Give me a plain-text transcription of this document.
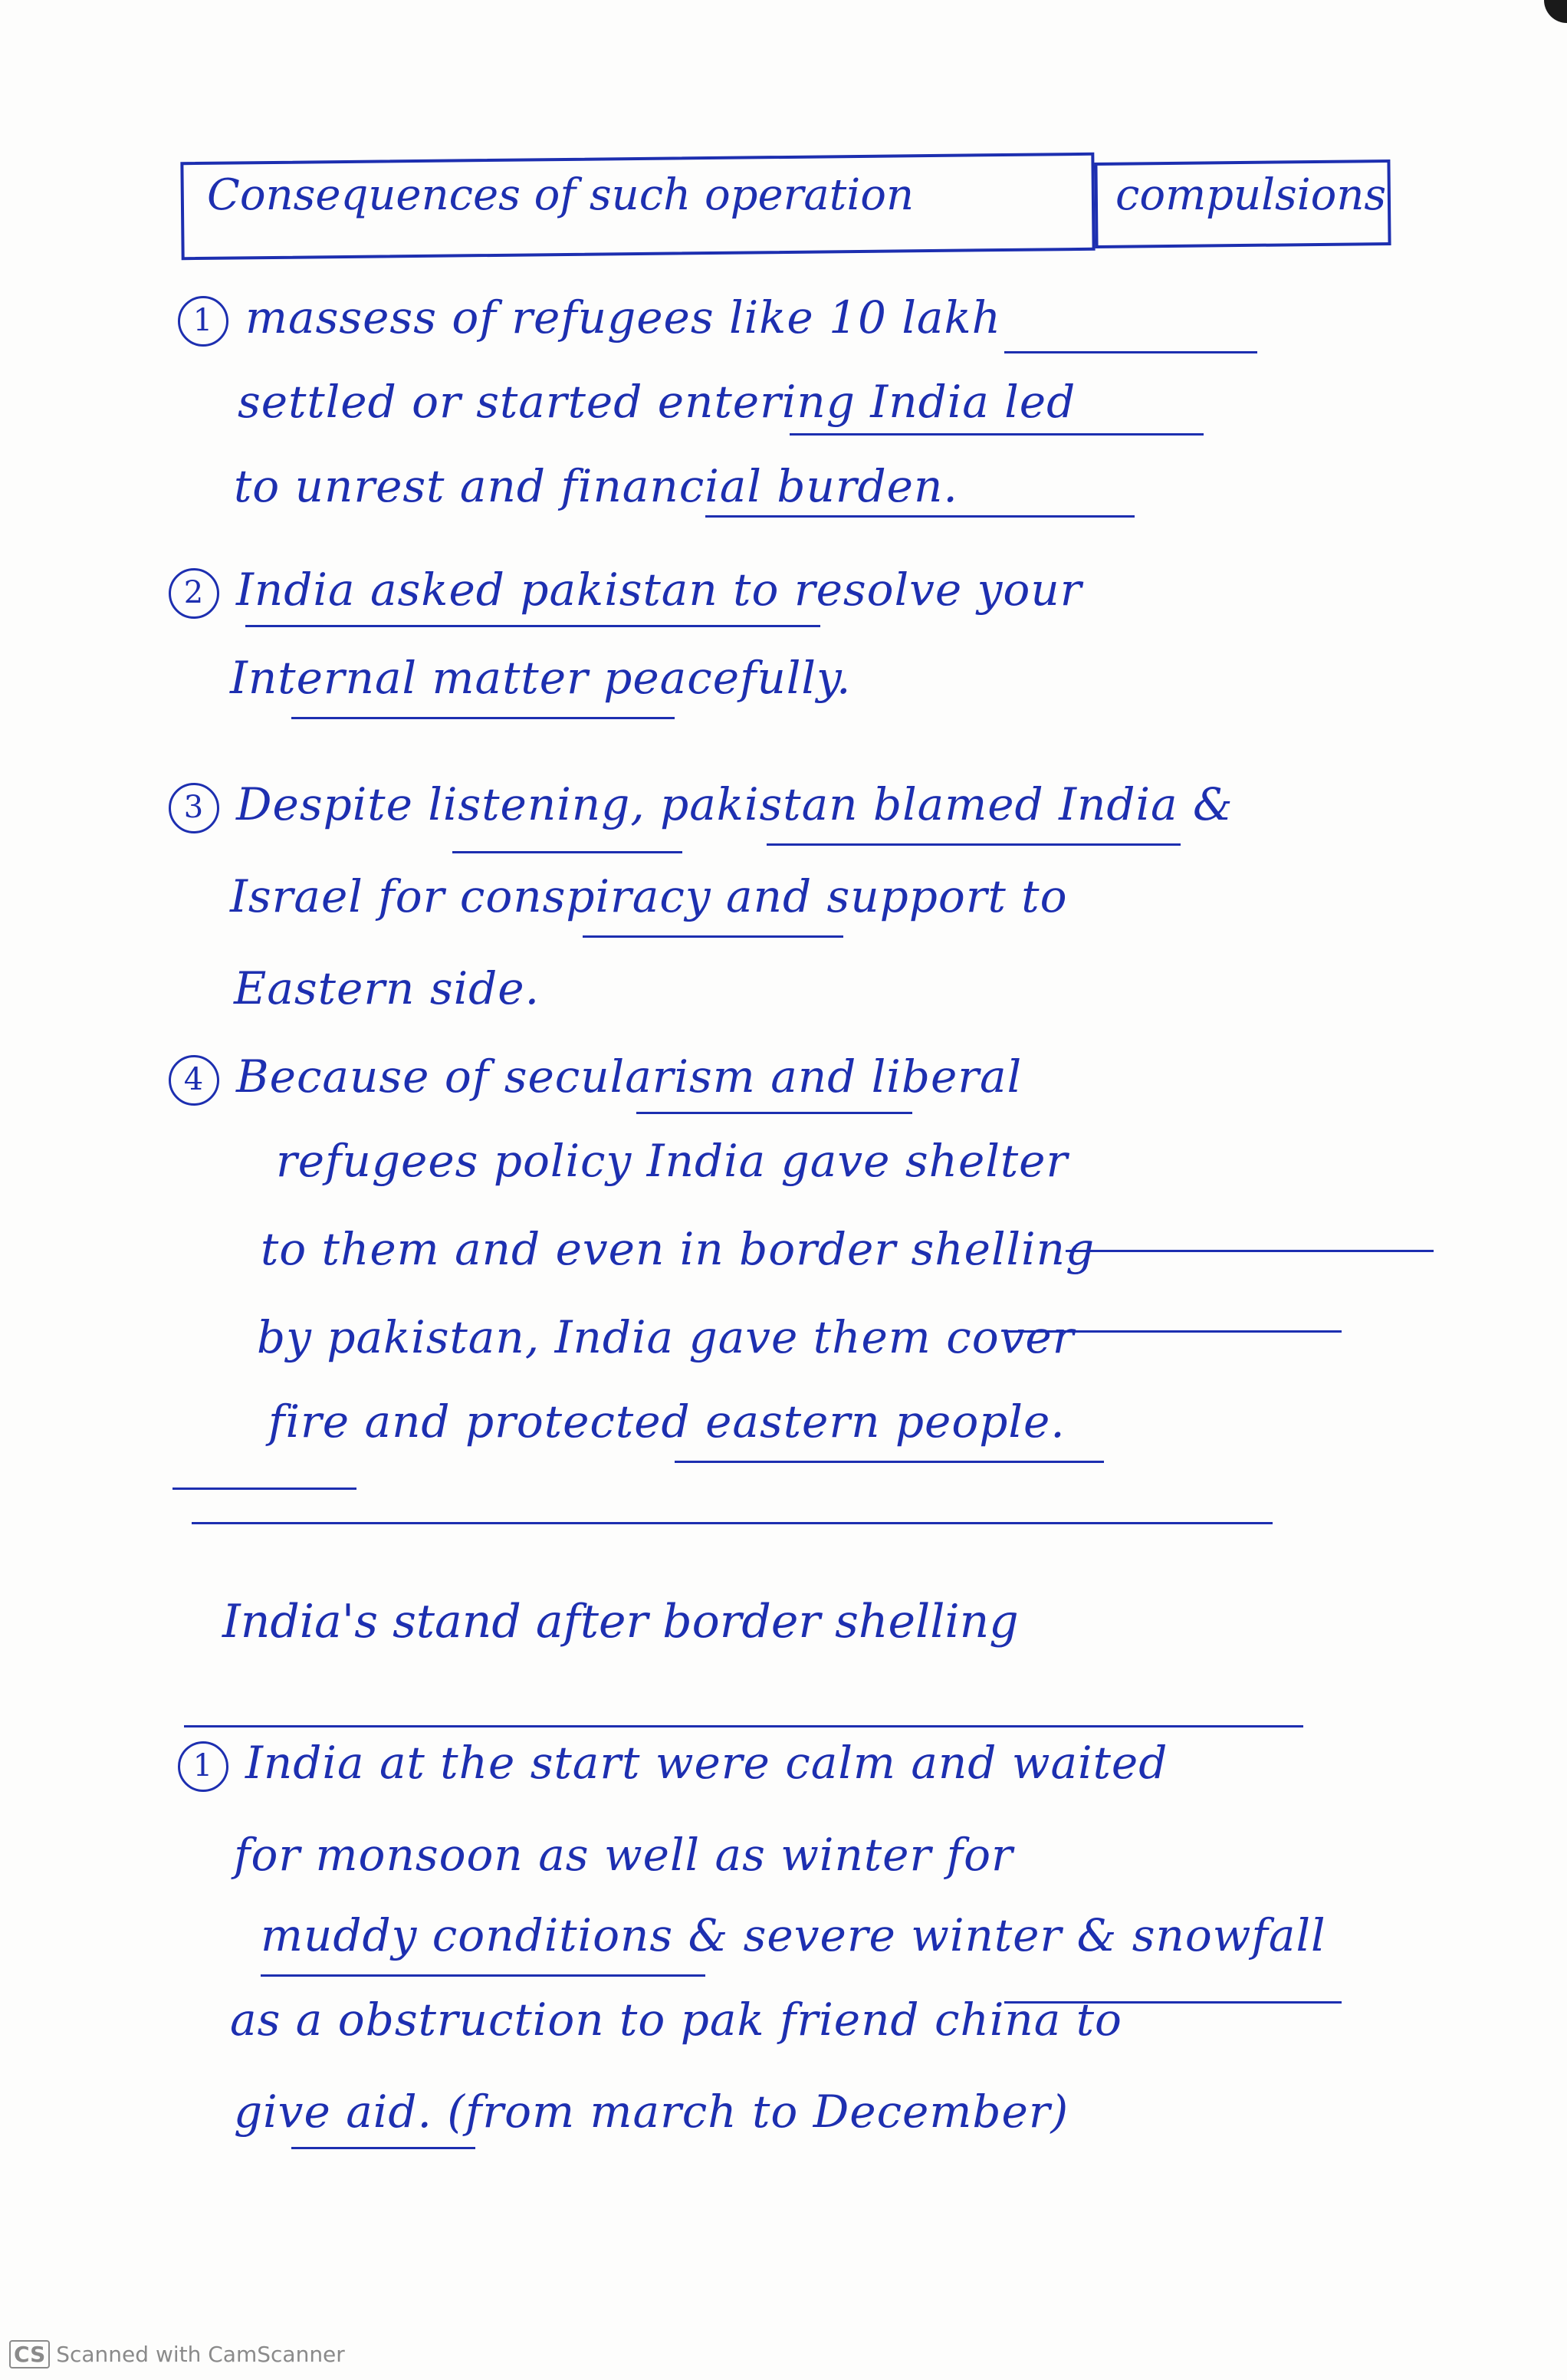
Consequences of such operation	compulsions
1 massess of refugees like 10 lakh
settled or started entering India led
to unrest and financial burden.
2 India asked pakistan to resolve your
Internal matter peacefully.
3 Despite listening, pakistan blamed India &
Israel for conspiracy and support to
Eastern side.
4 Because of secularism and liberal
refugees policy India gave shelter
to them and even in border shelling
by pakistan, India gave them cover
fire and protected eastern people.
India's stand after border shelling
1 India at the start were calm and waited
for monsoon as well as winter for
muddy conditions & severe winter & snowfall
as a obstruction to pak friend china to
give aid. (from march to December)
CS Scanned with CamScanner
